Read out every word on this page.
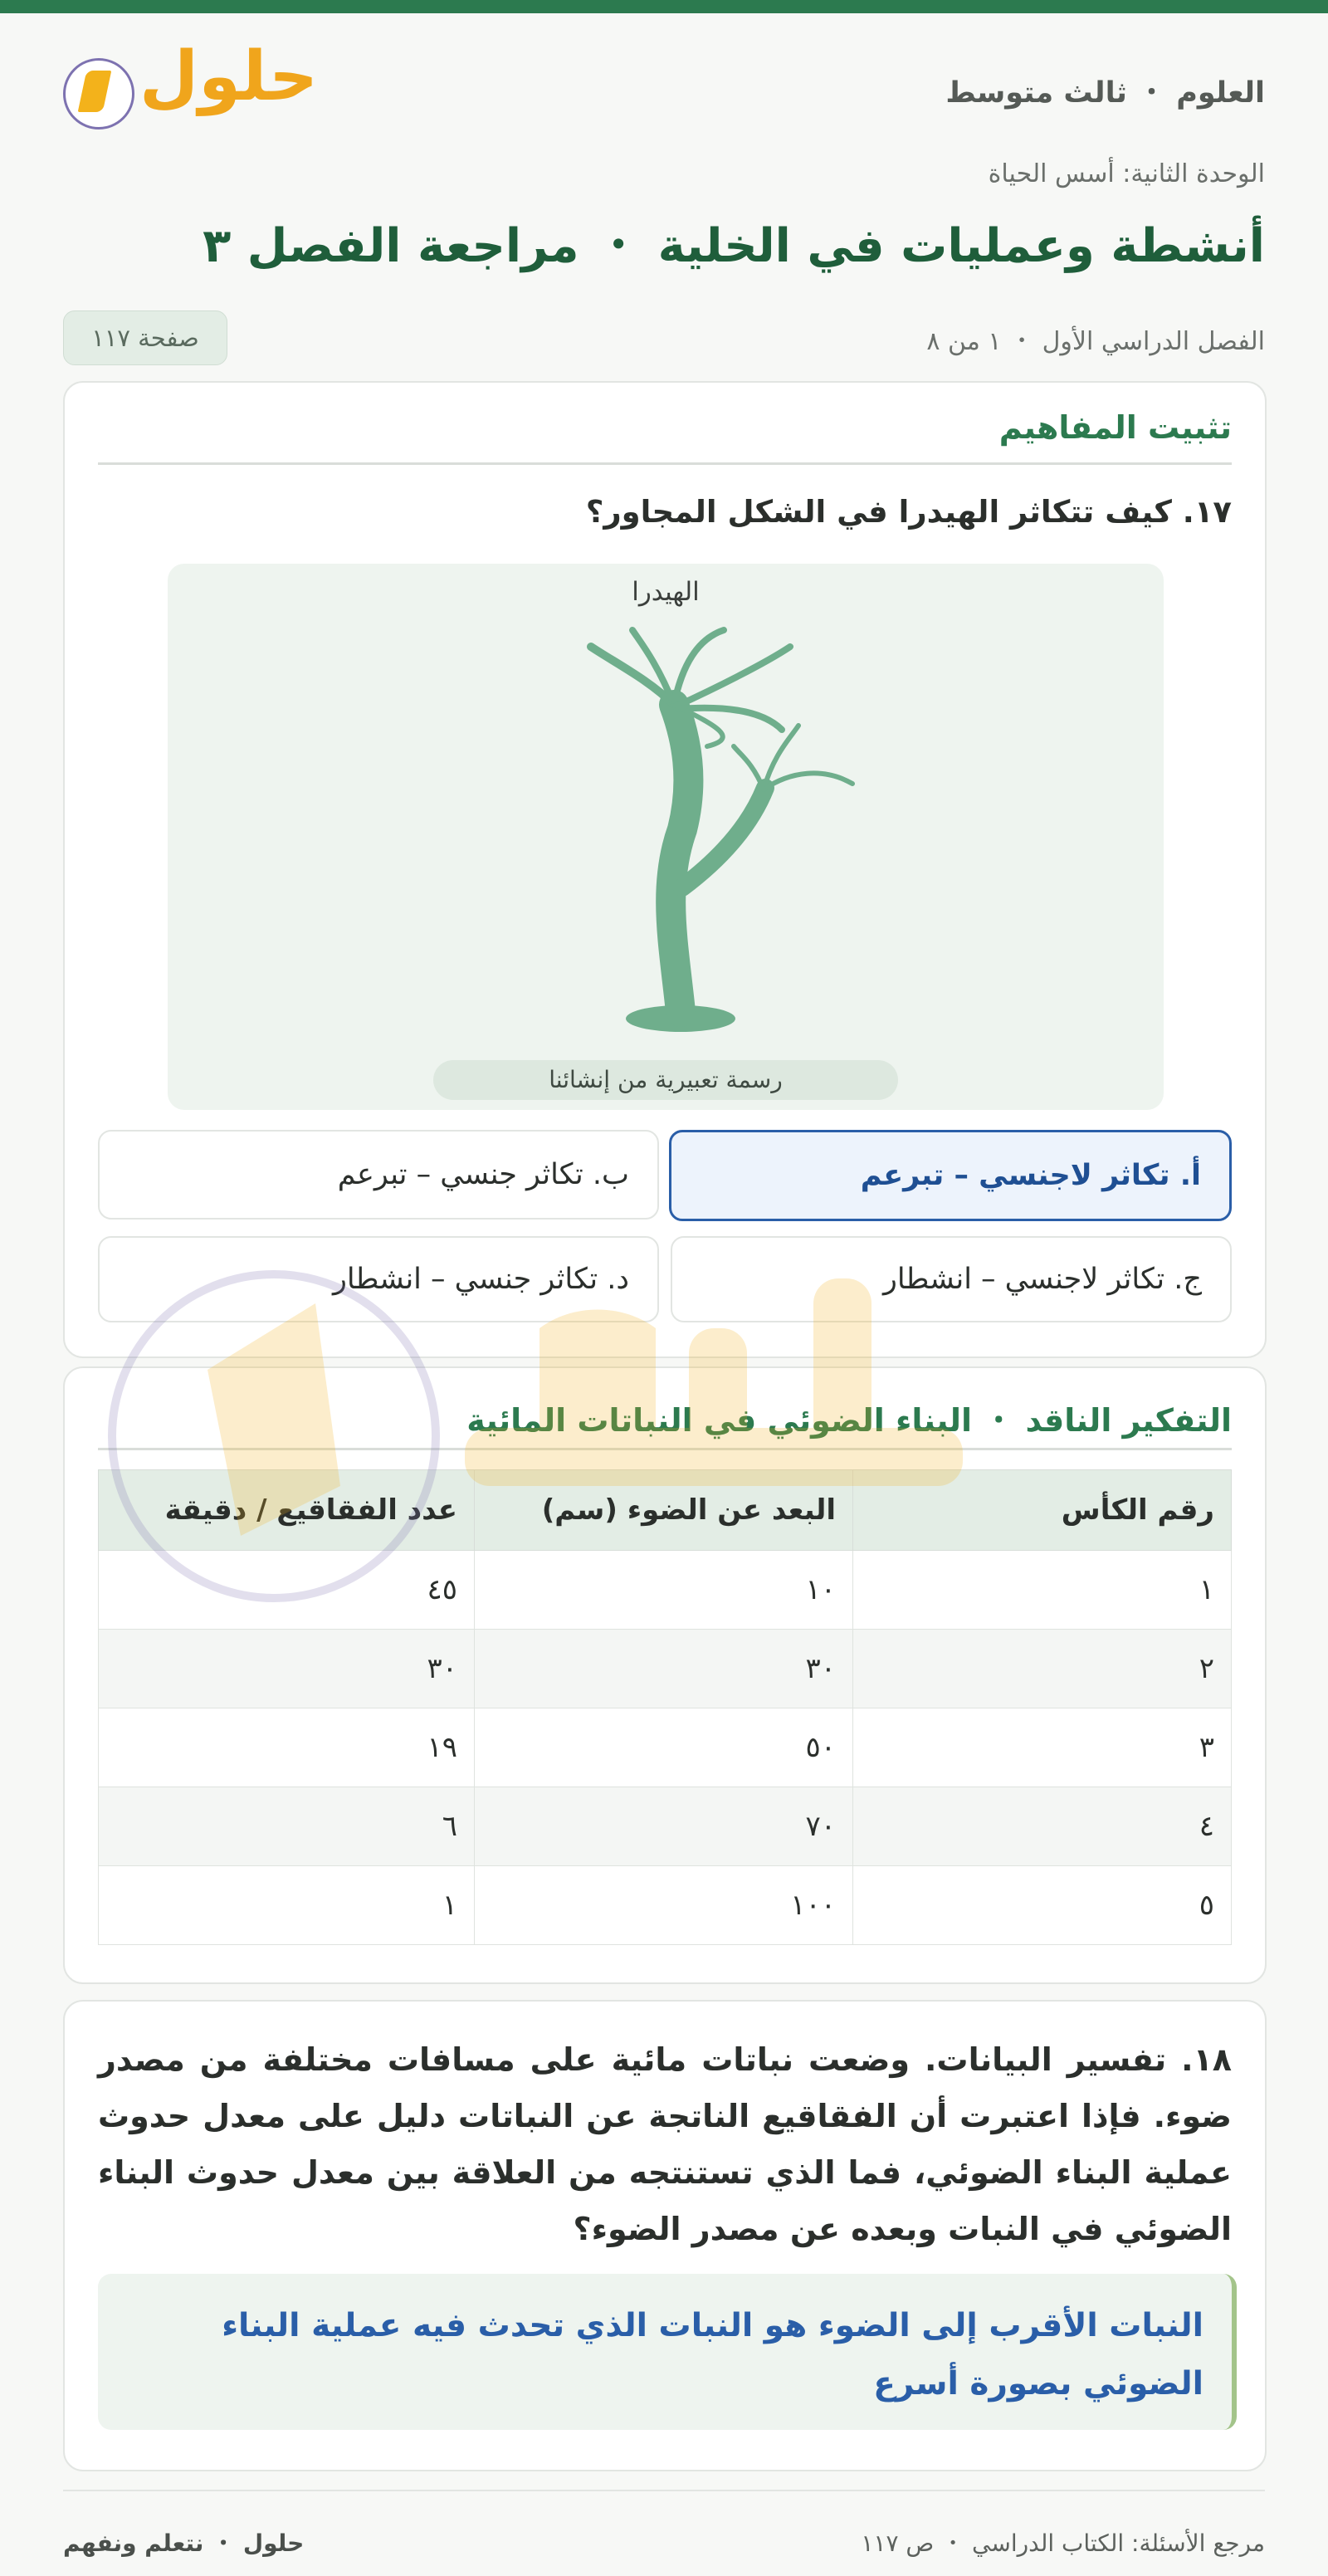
العلوم ・ ثالث متوسط
حلول
الوحدة الثانية: أسس الحياة
أنشطة وعمليات في الخلية ・ مراجعة الفصل ٣
الفصل الدراسي الأول ・ ١ من ٨
صفحة ١١٧
تثبيت المفاهيم
١٧. كيف تتكاثر الهيدرا في الشكل المجاور؟
الهيدرا
رسمة تعبيرية من إنشائنا
أ. تكاثر لاجنسي – تبرعم
ب. تكاثر جنسي – تبرعم
ج. تكاثر لاجنسي – انشطار
د. تكاثر جنسي – انشطار
التفكير الناقد ・ البناء الضوئي في النباتات المائية
رقم الكأس	البعد عن الضوء (سم)	عدد الفقاقيع / دقيقة
١	١٠	٤٥
٢	٣٠	٣٠
٣	٥٠	١٩
٤	٧٠	٦
٥	١٠٠	١
١٨. تفسير البيانات. وضعت نباتات مائية على مسافات مختلفة من مصدر ضوء. فإذا اعتبرت أن الفقاقيع الناتجة عن النباتات دليل على معدل حدوث عملية البناء الضوئي، فما الذي تستنتجه من العلاقة بين معدل حدوث البناء الضوئي في النبات وبعده عن مصدر الضوء؟
النبات الأقرب إلى الضوء هو النبات الذي تحدث فيه عملية البناء الضوئي بصورة أسرع
مرجع الأسئلة: الكتاب الدراسي ・ ص ١١٧
حلول ・ نتعلم ونفهم
